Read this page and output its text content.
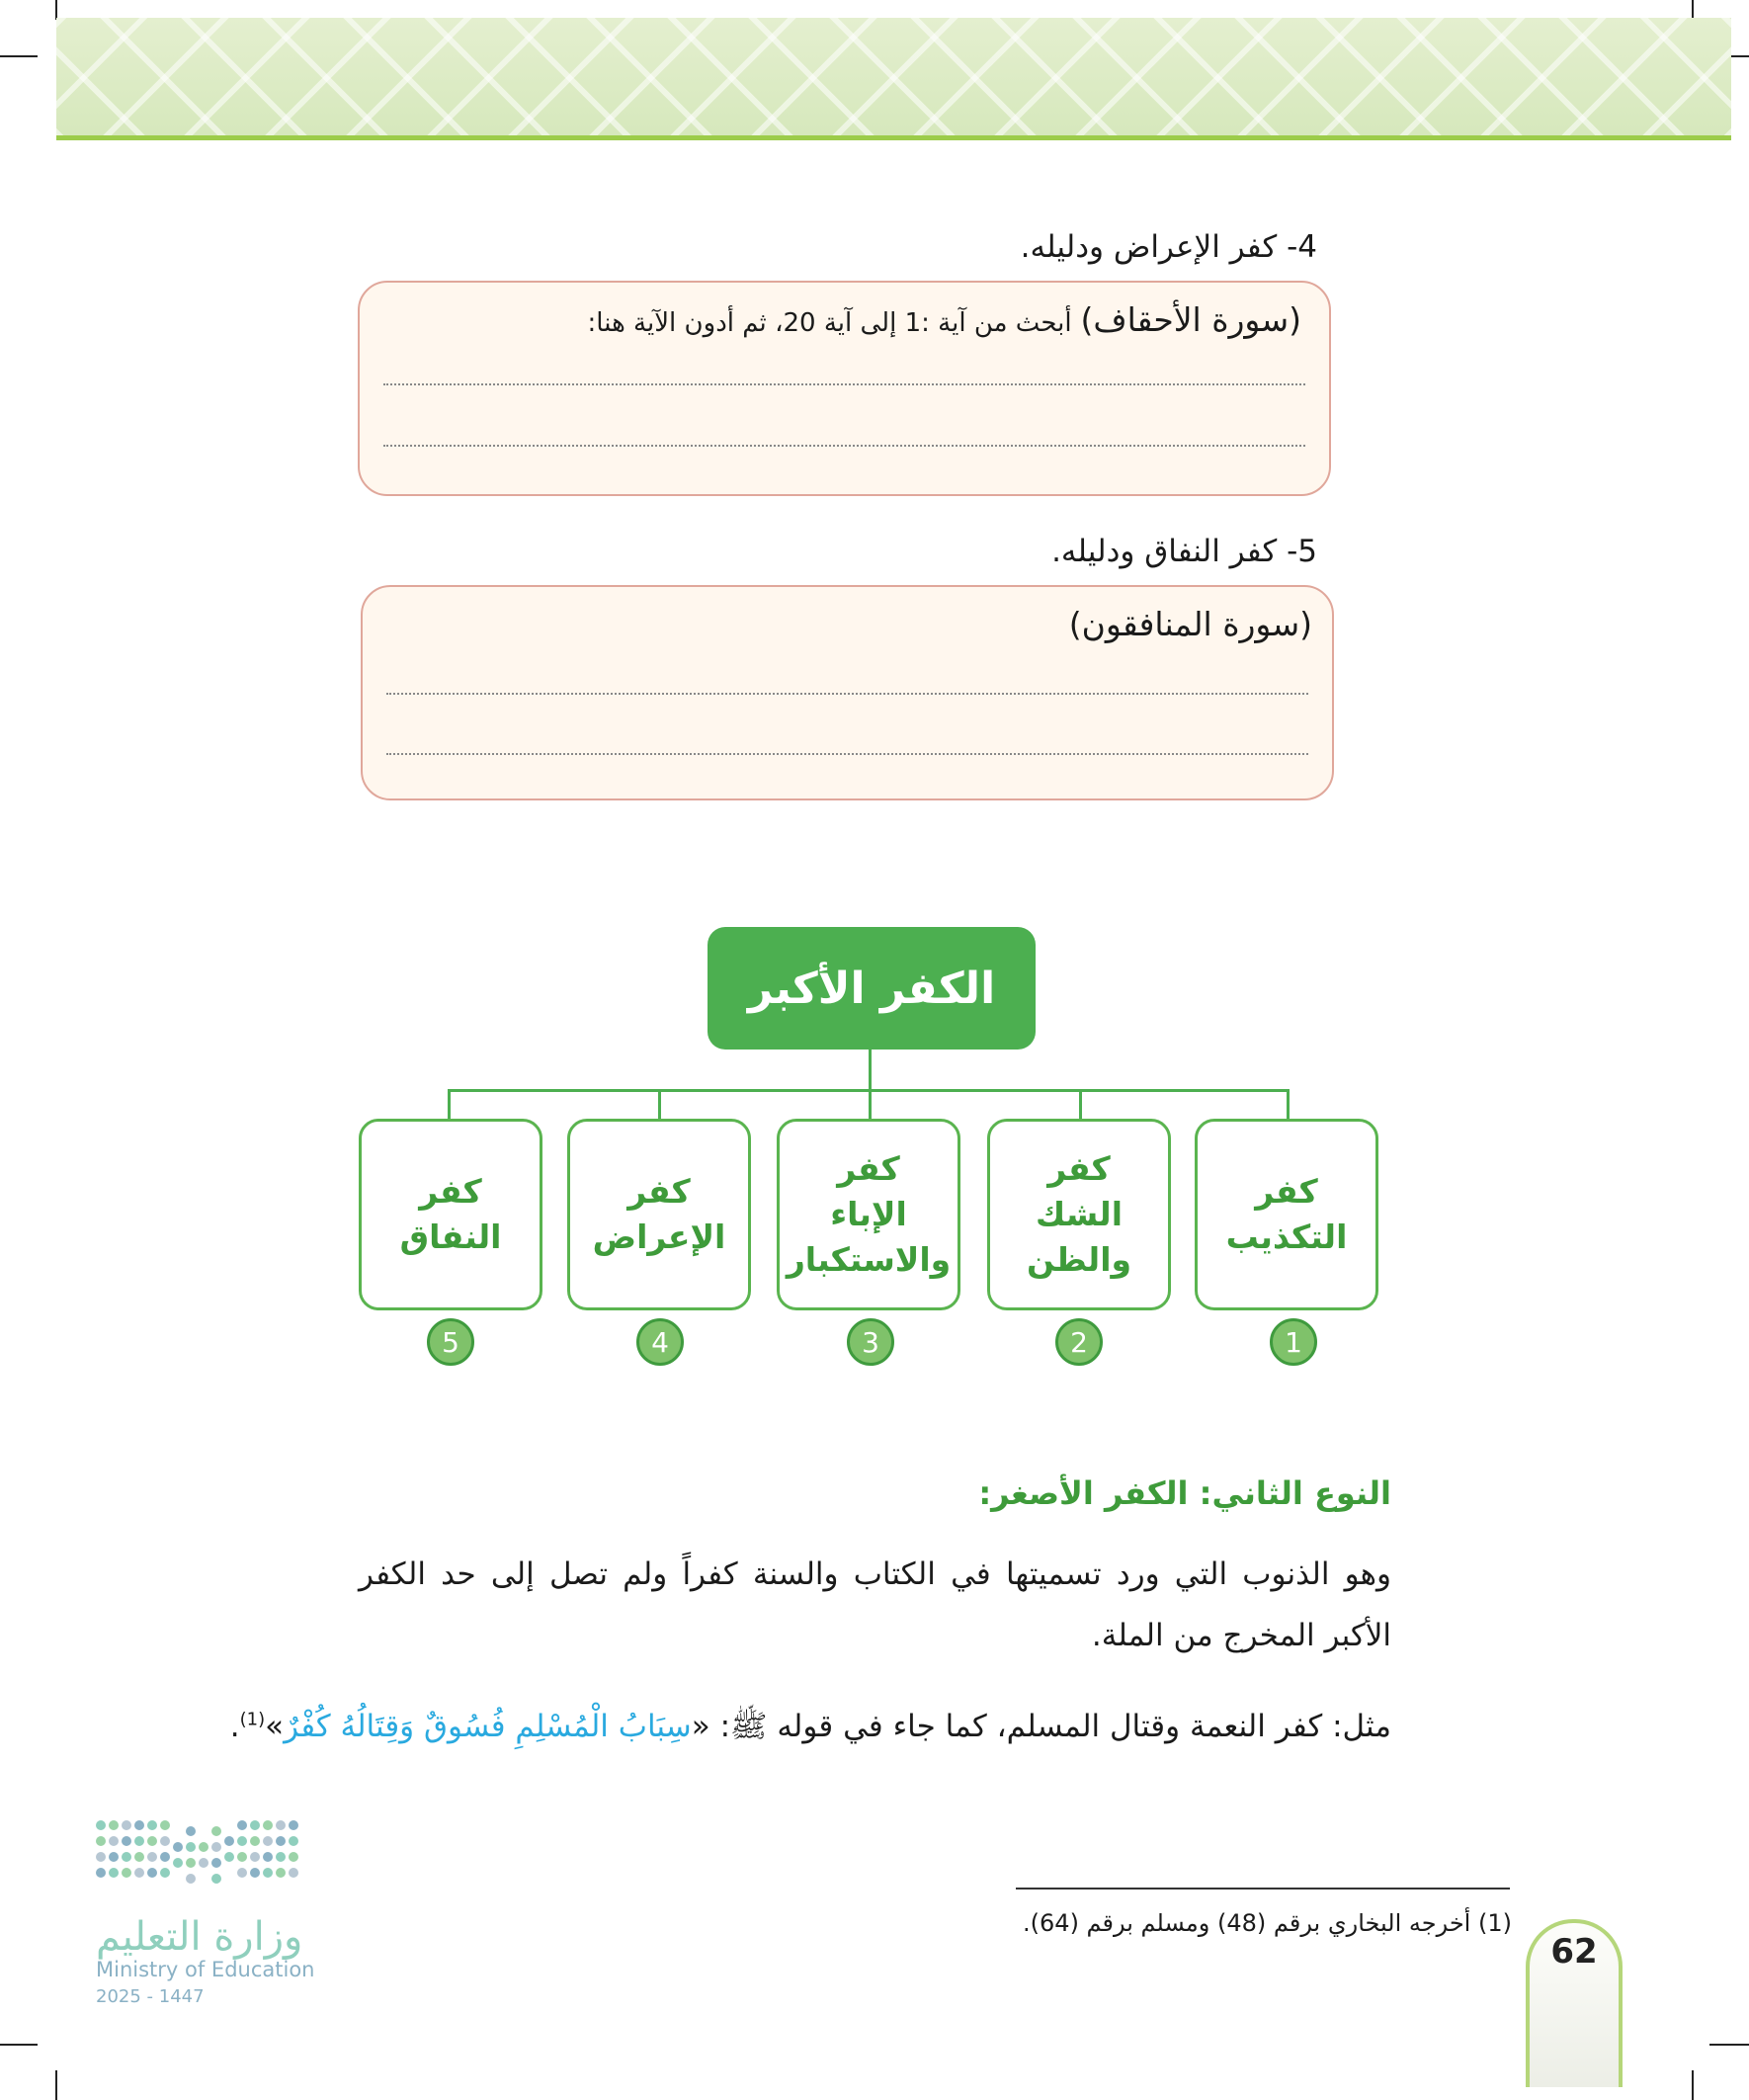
4- كفر الإعراض ودليله.
(سورة الأحقاف) أبحث من آية :1 إلى آية 20، ثم أدون الآية هنا:
5- كفر النفاق ودليله.
(سورة المنافقون)
الكفر الأكبر
كفر
التكذيب
كفر
الشك
والظن
كفر
الإباء
والاستكبار
كفر
الإعراض
كفر
النفاق
1
2
3
4
5
النوع الثاني: الكفر الأصغر:
وهو الذنوب التي ورد تسميتها في الكتاب والسنة كفراً ولم تصل إلى حد الكفر الأكبر المخرج من الملة.
مثل: كفر النعمة وقتال المسلم، كما جاء في قوله ﷺ: «سِبَابُ الْمُسْلِمِ فُسُوقٌ وَقِتَالُهُ كُفْرٌ»$^{(1)}$.
(1) أخرجه البخاري برقم (48) ومسلم برقم (64).
62
وزارة التعليم
Ministry of Education
2025 - 1447
